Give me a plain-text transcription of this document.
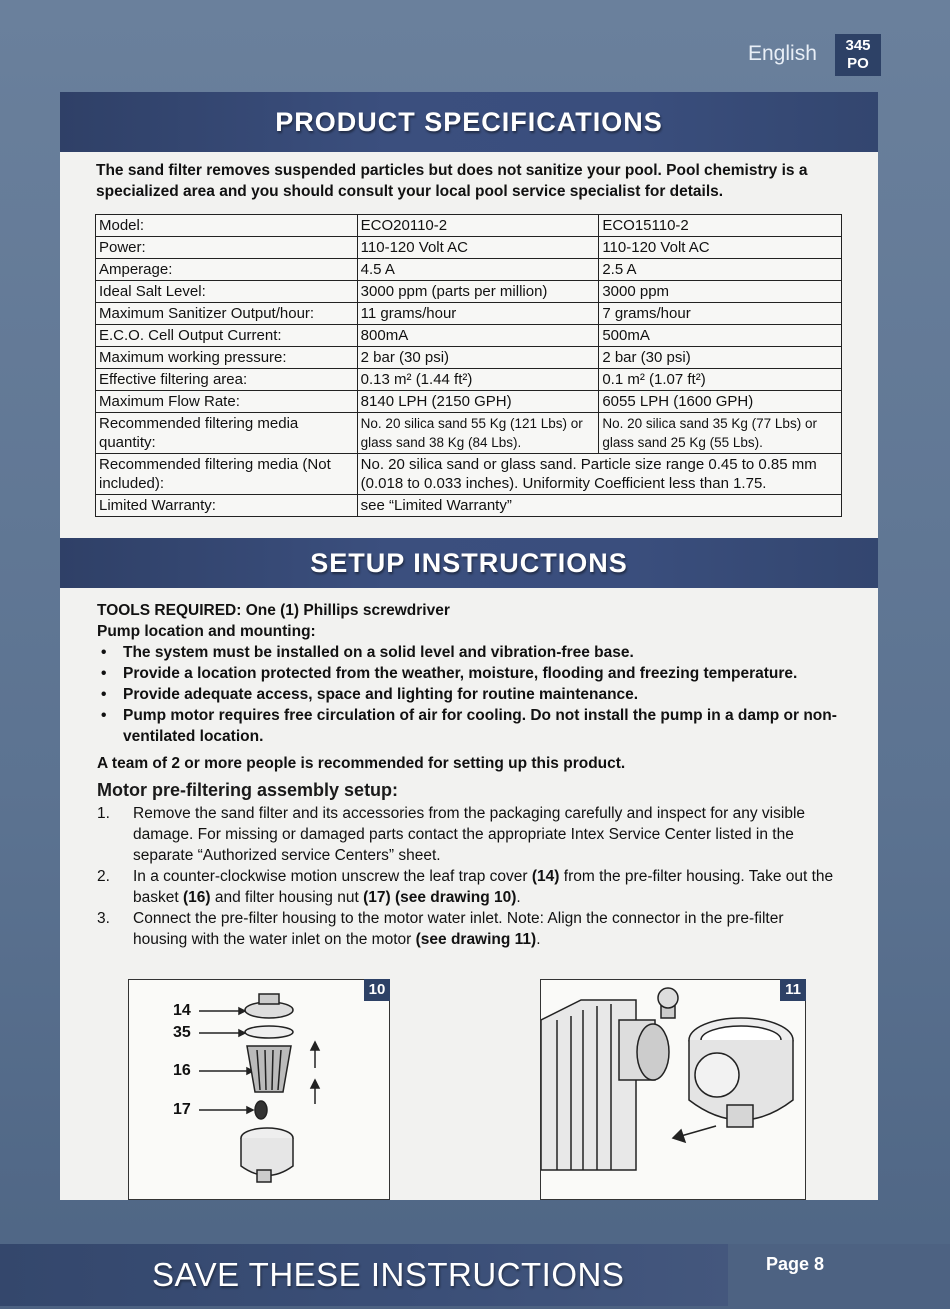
English	345
PO
PRODUCT SPECIFICATIONS
The sand filter removes suspended particles but does not sanitize your pool. Pool chemistry is a specialized area and you should consult your local pool service specialist for details.
Model:	ECO20110-2	ECO15110-2
Power:	110-120 Volt AC	110-120 Volt AC
Amperage:	4.5 A	2.5 A
Ideal Salt Level:	3000 ppm (parts per million)	3000 ppm
Maximum Sanitizer Output/hour:	11 grams/hour	7 grams/hour
E.C.O. Cell Output Current:	800mA	500mA
Maximum working pressure:	2 bar (30 psi)	2 bar (30 psi)
Effective filtering area:	0.13 m² (1.44 ft²)	0.1 m² (1.07 ft²)
Maximum Flow Rate:	8140 LPH (2150 GPH)	6055 LPH (1600 GPH)
Recommended filtering media quantity:	No. 20 silica sand 55 Kg (121 Lbs) or glass sand 38 Kg (84 Lbs).	No. 20 silica sand 35 Kg (77 Lbs) or glass sand 25 Kg (55 Lbs).
Recommended filtering media (Not included):	No. 20 silica sand or glass sand. Particle size range 0.45 to 0.85 mm (0.018 to 0.033 inches). Uniformity Coefficient less than 1.75.	
Limited Warranty:	see “Limited Warranty”	
SETUP INSTRUCTIONS
TOOLS REQUIRED: One (1) Phillips screwdriver
Pump location and mounting:
• The system must be installed on a solid level and vibration-free base.
• Provide a location protected from the weather, moisture, flooding and freezing temperature.
• Provide adequate access, space and lighting for routine maintenance.
• Pump motor requires free circulation of air for cooling. Do not install the pump in a damp or non-ventilated location.
A team of 2 or more people is recommended for setting up this product.
Motor pre-filtering assembly setup:
1. Remove the sand filter and its accessories from the packaging carefully and inspect for any visible damage. For missing or damaged parts contact the appropriate Intex Service Center listed in the separate “Authorized service Centers” sheet.
2. In a counter-clockwise motion unscrew the leaf trap cover (14) from the pre-filter housing. Take out the basket (16) and filter housing nut (17) (see drawing 10).
3. Connect the pre-filter housing to the motor water inlet. Note: Align the connector in the pre-filter housing with the water inlet on the motor (see drawing 11).
10
14
35
16
17
11
SAVE THESE INSTRUCTIONS	Page 8
